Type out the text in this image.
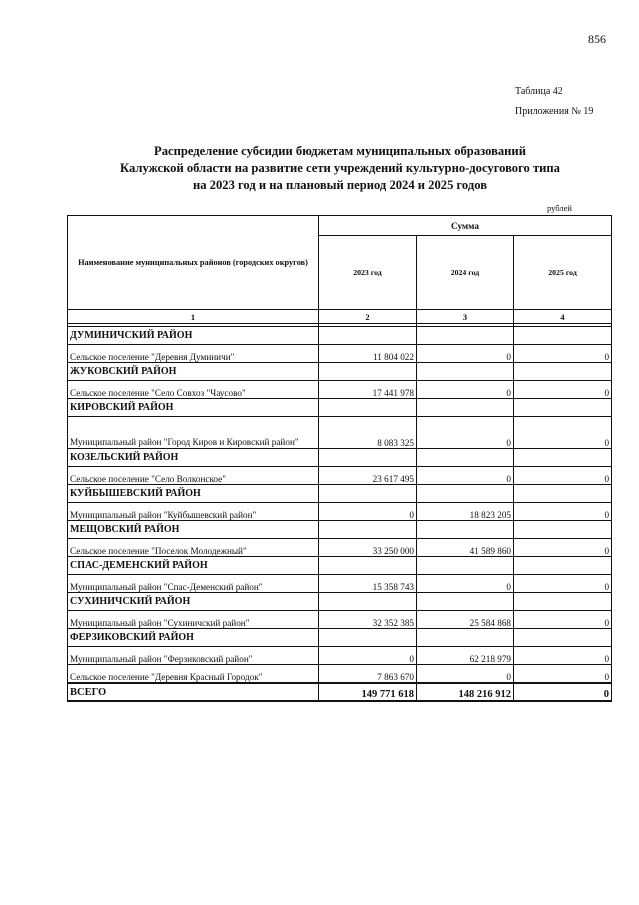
856
Таблица 42
Приложения № 19
Распределение субсидии бюджетам муниципальных образований
Калужской области на развитие сети учреждений культурно-досугового типа
на 2023 год и на плановый период 2024 и 2025 годов
рублей
Наименование муниципальных районов (городских округов)	Сумма		
	2023 год	2024 год	2025 год
1	2	3	4

ДУМИНИЧСКИЙ РАЙОН			
Сельское поселение "Деревня Думиничи"	11 804 022	0	0
ЖУКОВСКИЙ РАЙОН			
Сельское поселение "Село Совхоз "Чаусово"	17 441 978	0	0
КИРОВСКИЙ РАЙОН			
Муниципальный район "Город Киров и Кировский район"	8 083 325	0	0
КОЗЕЛЬСКИЙ РАЙОН			
Сельское поселение "Село Волконское"	23 617 495	0	0
КУЙБЫШЕВСКИЙ РАЙОН			
Муниципальный район "Куйбышевский район"	0	18 823 205	0
МЕЩОВСКИЙ РАЙОН			
Сельское поселение "Поселок Молодежный"	33 250 000	41 589 860	0
СПАС-ДЕМЕНСКИЙ РАЙОН			
Муниципальный район "Спас-Деменский район"	15 358 743	0	0
СУХИНИЧСКИЙ РАЙОН			
Муниципальный район "Сухиничский район"	32 352 385	25 584 868	0
ФЕРЗИКОВСКИЙ РАЙОН			
Муниципальный район "Ферзиковский район"	0	62 218 979	0
Сельское поселение "Деревня Красный Городок"	7 863 670	0	0
ВСЕГО	149 771 618	148 216 912	0
